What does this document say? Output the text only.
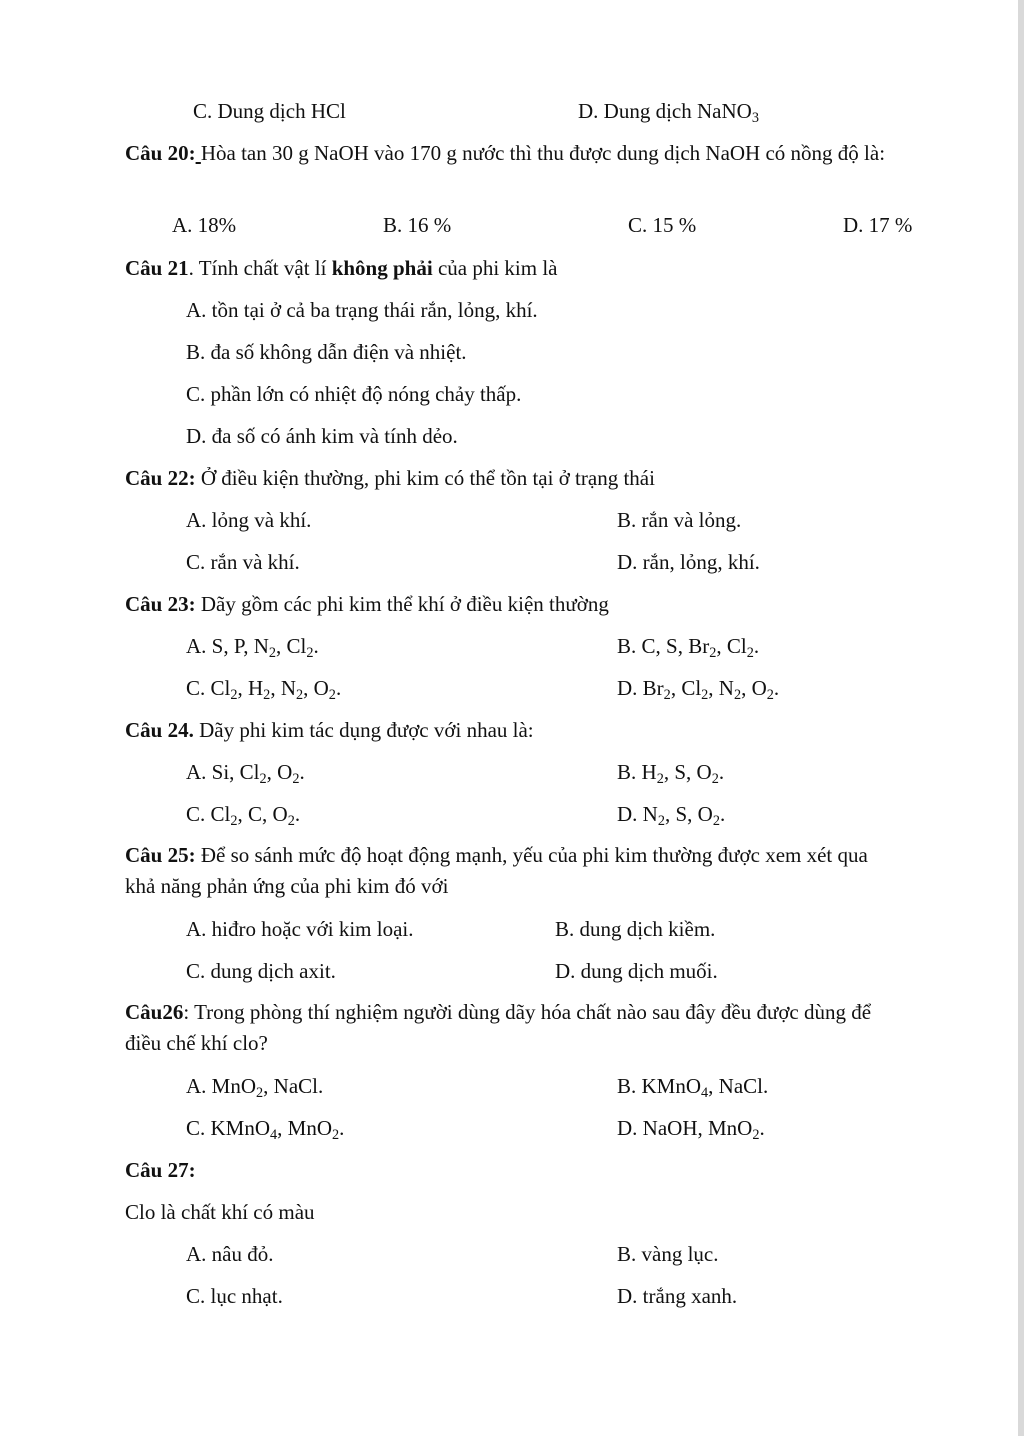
C. Dung dịch HCl	D. Dung dịch NaNO$_3$
Câu 20: Hòa tan 30 g NaOH vào 170 g nước thì thu được dung dịch NaOH có nồng độ là:
A. 18%	B. 16 %	C. 15 %	D. 17 %
Câu 21. Tính chất vật lí không phải của phi kim là
A. tồn tại ở cả ba trạng thái rắn, lỏng, khí.
B. đa số không dẫn điện và nhiệt.
C. phần lớn có nhiệt độ nóng chảy thấp.
D. đa số có ánh kim và tính dẻo.
Câu 22: Ở điều kiện thường, phi kim có thể tồn tại ở trạng thái
A. lỏng và khí.	B. rắn và lỏng.
C. rắn và khí.	D. rắn, lỏng, khí.
Câu 23: Dãy gồm các phi kim thể khí ở điều kiện thường
A. S, P, $N_2$, $Cl_2$.	B. C, S, $Br_2$, $Cl_2$.
C. $Cl_2$, $H_2$, $N_2$, $O_2$.	D. $Br_2$, $Cl_2$, $N_2$, $O_2$.
Câu 24. Dãy phi kim tác dụng được với nhau là:
A. Si, $Cl_2$, $O_2$.	B. $H_2$, S, $O_2$.
C. $Cl_2$, C, $O_2$.	D. $N_2$, S, $O_2$.
Câu 25: Để so sánh mức độ hoạt động mạnh, yếu của phi kim thường được xem xét qua khả năng phản ứng của phi kim đó với
A. hiđro hoặc với kim loại.	B. dung dịch kiềm.
C. dung dịch axit.	D. dung dịch muối.
Câu26: Trong phòng thí nghiệm người dùng dãy hóa chất nào sau đây đều được dùng để điều chế khí clo?
A. MnO$_2$, NaCl.	B. KMnO$_4$, NaCl.
C. KMnO$_4$, MnO$_2$.	D. NaOH, MnO$_2$.
Câu 27:
Clo là chất khí có màu
A. nâu đỏ.	B. vàng lục.
C. lục nhạt.	D. trắng xanh.
